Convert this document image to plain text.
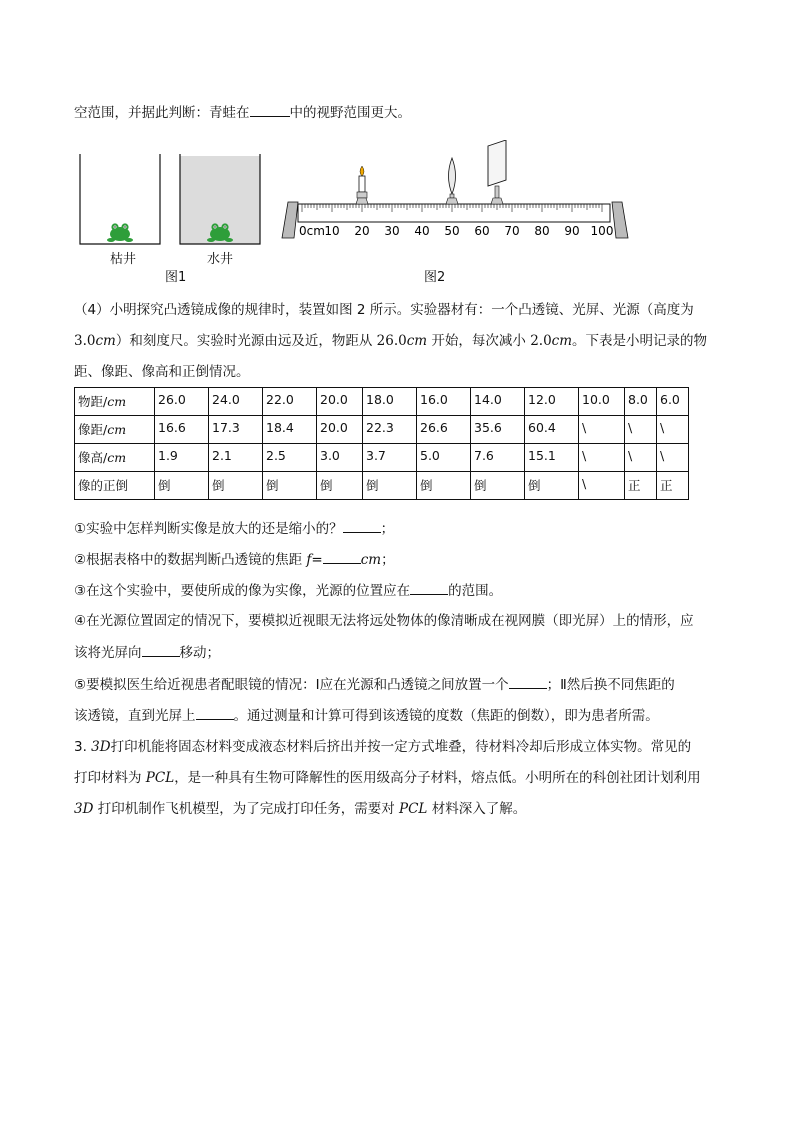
空范围，并据此判断：青蛙在	中的视野范围更大。
枯井	水井
图1
0cm 10 20 30 40 50 60 70 80 90 100
图2
（4）小明探究凸透镜成像的规律时，装置如图 2 所示。实验器材有：一个凸透镜、光屏、光源（高度为
3.0cm）和刻度尺。实验时光源由远及近，物距从 26.0cm 开始，每次减小 2.0cm。下表是小明记录的物
距、像距、像高和正倒情况。
物距/cm	26.0	24.0	22.0	20.0	18.0	16.0	14.0	12.0	10.0	8.0	6.0
像距/cm	16.6	17.3	18.4	20.0	22.3	26.6	35.6	60.4	\	\	\
像高/cm	1.9	2.1	2.5	3.0	3.7	5.0	7.6	15.1	\	\	\
像的正倒	倒	倒	倒	倒	倒	倒	倒	倒	\	正	正
①实验中怎样判断实像是放大的还是缩小的？	；
②根据表格中的数据判断凸透镜的焦距 f=	cm；
③在这个实验中，要使所成的像为实像，光源的位置应在	的范围。
④在光源位置固定的情况下，要模拟近视眼无法将远处物体的像清晰成在视网膜（即光屏）上的情形，应
该将光屏向	移动；
⑤要模拟医生给近视患者配眼镜的情况：Ⅰ应在光源和凸透镜之间放置一个	；Ⅱ然后换不同焦距的
该透镜，直到光屏上	。通过测量和计算可得到该透镜的度数（焦距的倒数），即为患者所需。
3. 3D打印机能将固态材料变成液态材料后挤出并按一定方式堆叠，待材料冷却后形成立体实物。常见的
打印材料为 PCL，是一种具有生物可降解性的医用级高分子材料，熔点低。小明所在的科创社团计划利用
3D 打印机制作飞机模型，为了完成打印任务，需要对 PCL 材料深入了解。
